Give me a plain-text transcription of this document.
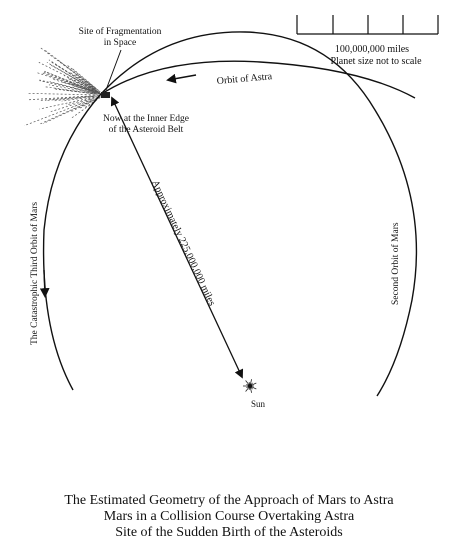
100,000,000 miles
Planet size not to scale
Orbit of Astra
Approximately 225,000,000 miles
Sun
Site of Fragmentation
in Space
Now at the Inner Edge
of the Asteroid Belt
The Catastrophic Third Orbit of Mars	Second Orbit of Mars
The Estimated Geometry of the Approach of Mars to Astra
Mars in a Collision Course Overtaking Astra
Site of the Sudden Birth of the Asteroids
